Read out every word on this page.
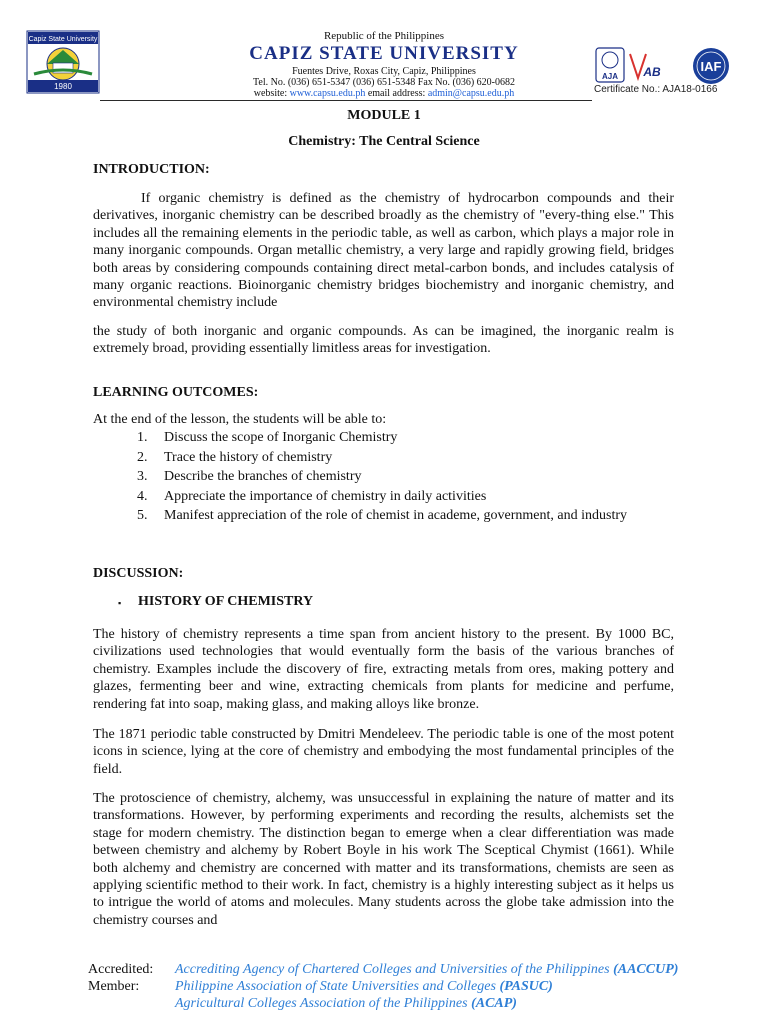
Capiz State University
1980
Republic of the Philippines
CAPIZ STATE UNIVERSITY
Fuentes Drive, Roxas City, Capiz, Philippines
Tel. No. (036) 651-5347 (036) 651-5348 Fax No. (036) 620-0682
website: www.capsu.edu.ph email address: admin@capsu.edu.ph
AJA AB	IAF
Certificate No.: AJA18-0166
MODULE 1
Chemistry: The Central Science
INTRODUCTION:
If organic chemistry is defined as the chemistry of hydrocarbon compounds and their derivatives, inorganic chemistry can be described broadly as the chemistry of "every-thing else." This includes all the remaining elements in the periodic table, as well as carbon, which plays a major role in many inorganic compounds. Organ metallic chemistry, a very large and rapidly growing field, bridges both areas by considering compounds containing direct metal-carbon bonds, and includes catalysis of many organic reactions. Bioinorganic chemistry bridges biochemistry and inorganic chemistry, and environmental chemistry include
the study of both inorganic and organic compounds. As can be imagined, the inorganic realm is extremely broad, providing essentially limitless areas for investigation.
LEARNING OUTCOMES:
At the end of the lesson, the students will be able to:
1. Discuss the scope of Inorganic Chemistry
2. Trace the history of chemistry
3. Describe the branches of chemistry
4. Appreciate the importance of chemistry in daily activities
5. Manifest appreciation of the role of chemist in academe, government, and industry
DISCUSSION:
▪ HISTORY OF CHEMISTRY
The history of chemistry represents a time span from ancient history to the present. By 1000 BC, civilizations used technologies that would eventually form the basis of the various branches of chemistry. Examples include the discovery of fire, extracting metals from ores, making pottery and glazes, fermenting beer and wine, extracting chemicals from plants for medicine and perfume, rendering fat into soap, making glass, and making alloys like bronze.
The 1871 periodic table constructed by Dmitri Mendeleev. The periodic table is one of the most potent icons in science, lying at the core of chemistry and embodying the most fundamental principles of the field.
The protoscience of chemistry, alchemy, was unsuccessful in explaining the nature of matter and its transformations. However, by performing experiments and recording the results, alchemists set the stage for modern chemistry. The distinction began to emerge when a clear differentiation was made between chemistry and alchemy by Robert Boyle in his work The Sceptical Chymist (1661). While both alchemy and chemistry are concerned with matter and its transformations, chemists are seen as applying scientific method to their work. In fact, chemistry is a highly interesting subject as it helps us to intrigue the world of atoms and molecules. Many students across the globe take admission into the chemistry courses and
Accredited:
Member:
Accrediting Agency of Chartered Colleges and Universities of the Philippines (AACCUP)
Philippine Association of State Universities and Colleges (PASUC)
Agricultural Colleges Association of the Philippines (ACAP)
